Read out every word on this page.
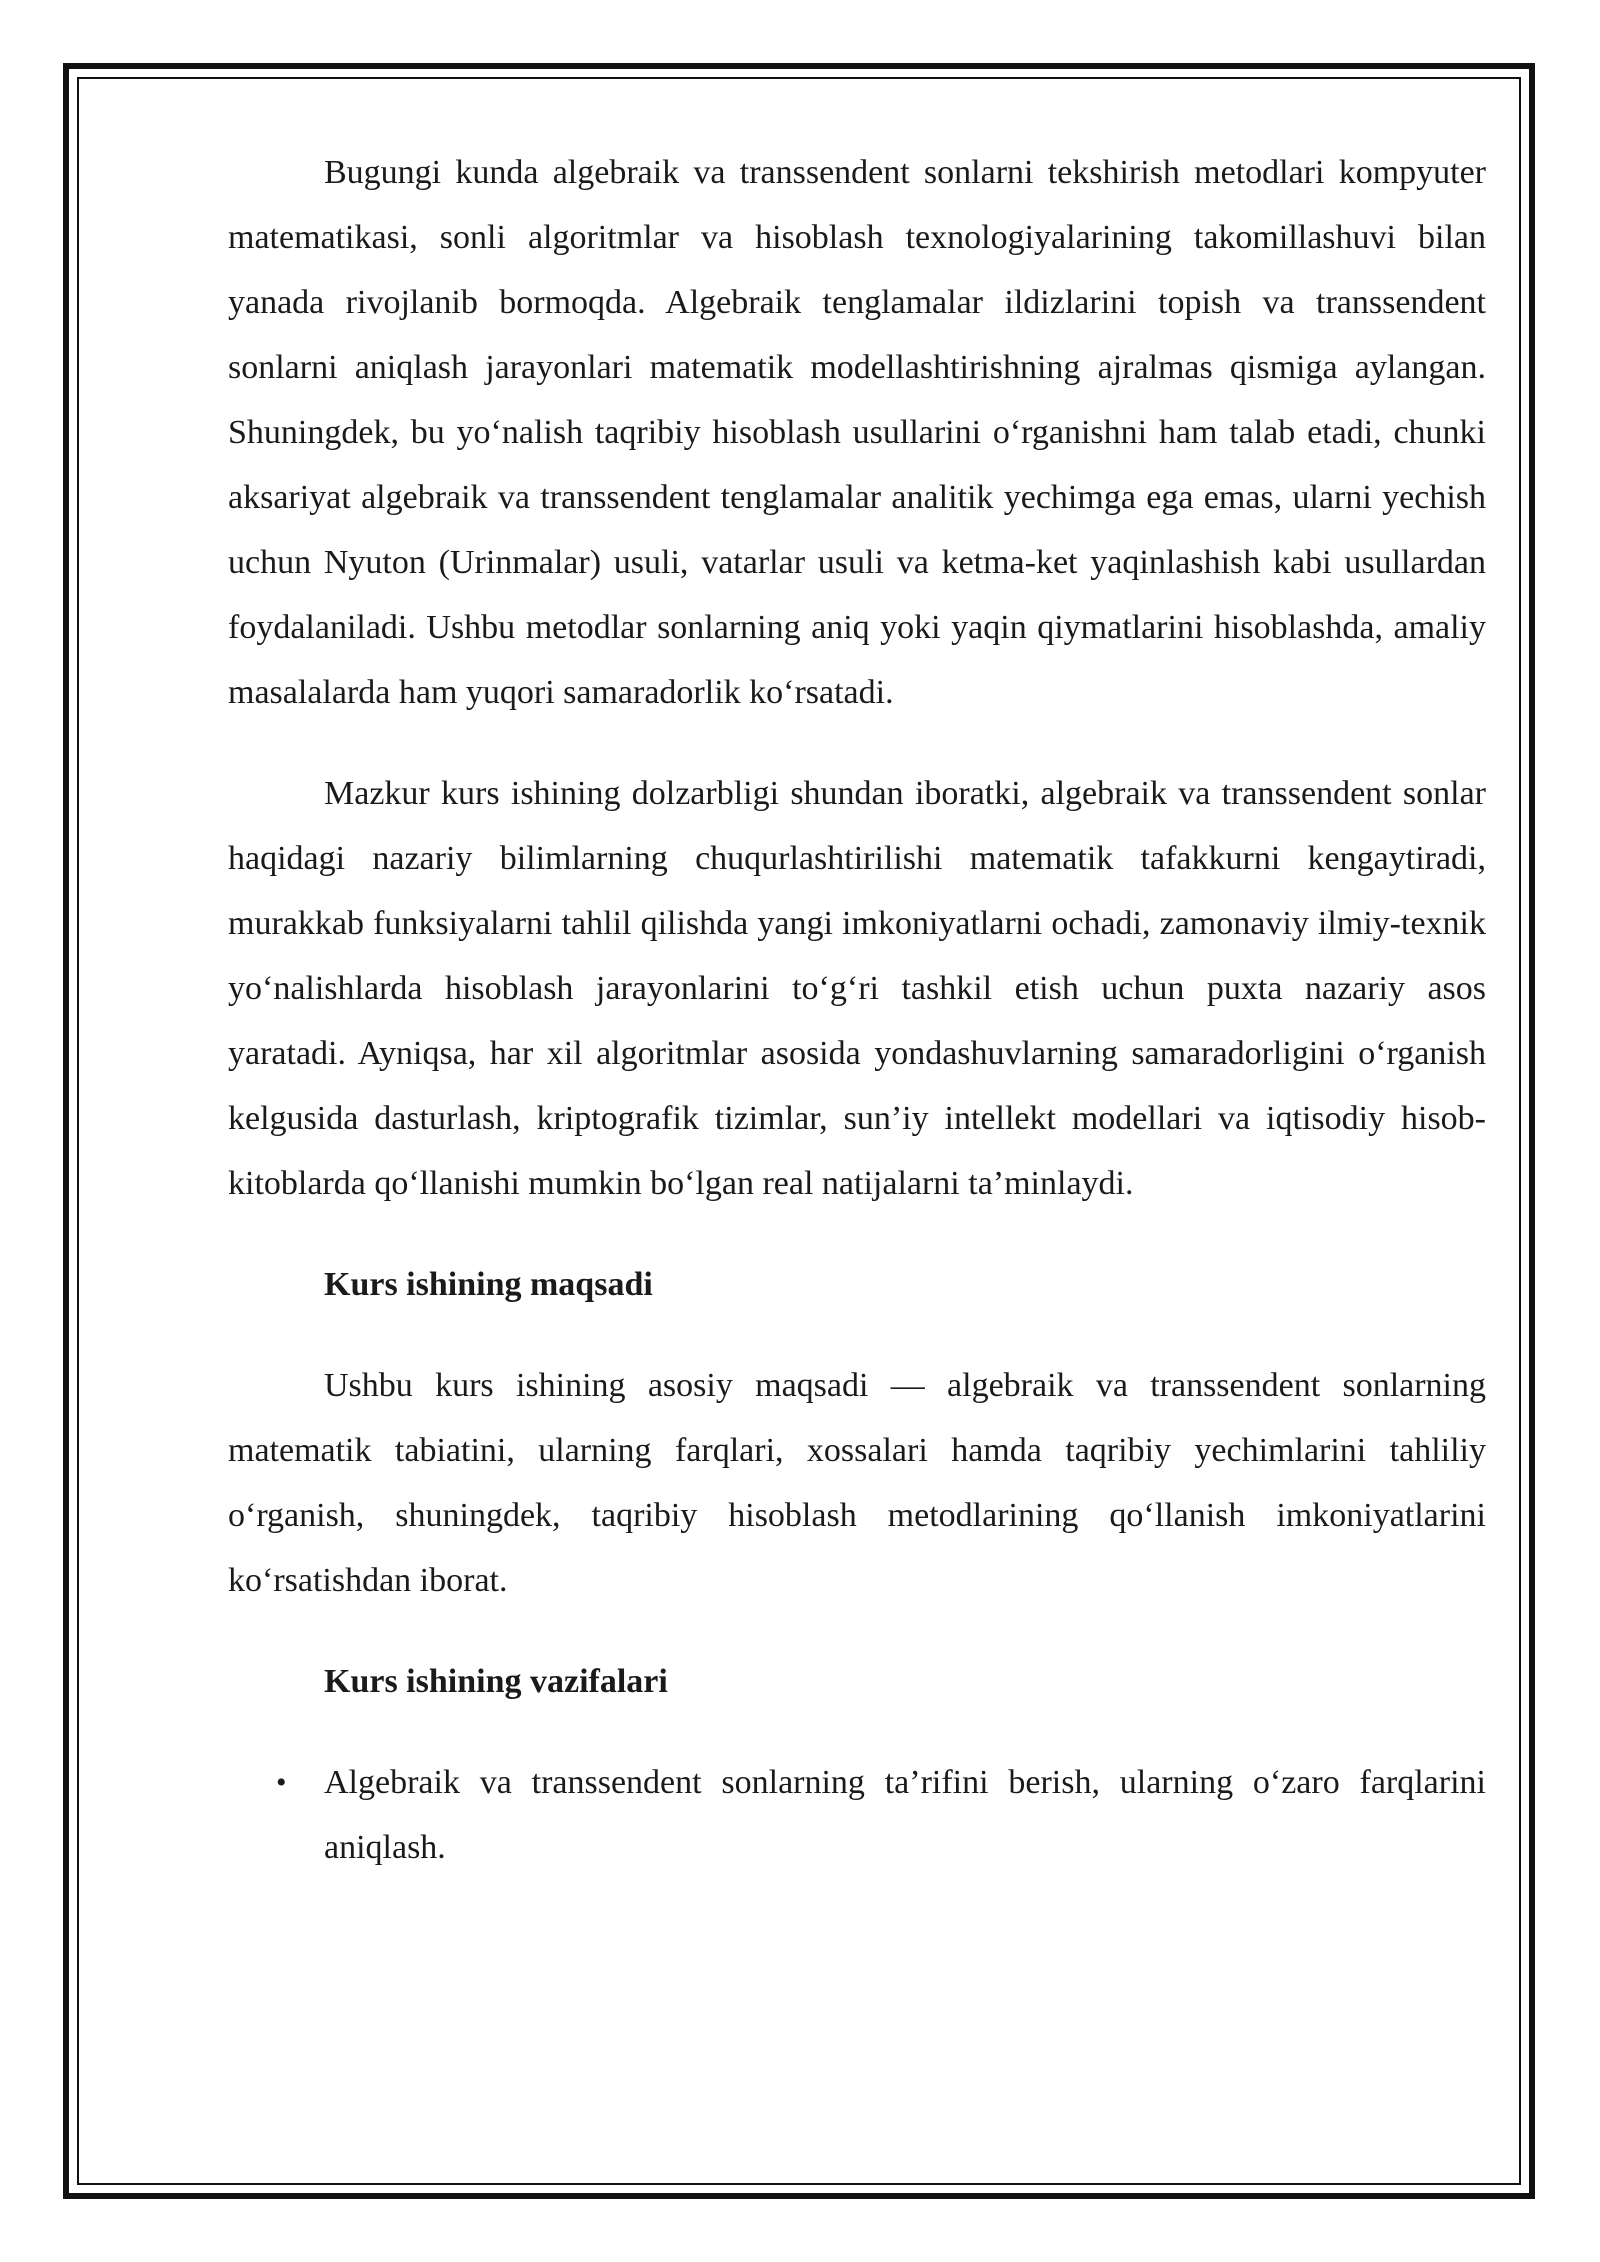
Bugungi kunda algebraik va transsendent sonlarni tekshirish metodlari kompyuter matematikasi, sonli algoritmlar va hisoblash texnologiyalarining takomillashuvi bilan yanada rivojlanib bormoqda. Algebraik tenglamalar ildizlarini topish va transsendent sonlarni aniqlash jarayonlari matematik modellashtirishning ajralmas qismiga aylangan. Shuningdek, bu yo‘nalish taqribiy hisoblash usullarini o‘rganishni ham talab etadi, chunki aksariyat algebraik va transsendent tenglamalar analitik yechimga ega emas, ularni yechish uchun Nyuton (Urinmalar) usuli, vatarlar usuli va ketma-ket yaqinlashish kabi usullardan foydalaniladi. Ushbu metodlar sonlarning aniq yoki yaqin qiymatlarini hisoblashda, amaliy masalalarda ham yuqori samaradorlik ko‘rsatadi.

Mazkur kurs ishining dolzarbligi shundan iboratki, algebraik va transsendent sonlar haqidagi nazariy bilimlarning chuqurlashtirilishi matematik tafakkurni kengaytiradi, murakkab funksiyalarni tahlil qilishda yangi imkoniyatlarni ochadi, zamonaviy ilmiy-texnik yo‘nalishlarda hisoblash jarayonlarini to‘g‘ri tashkil etish uchun puxta nazariy asos yaratadi. Ayniqsa, har xil algoritmlar asosida yondashuvlarning samaradorligini o‘rganish kelgusida dasturlash, kriptografik tizimlar, sun’iy intellekt modellari va iqtisodiy hisob-kitoblarda qo‘llanishi mumkin bo‘lgan real natijalarni ta’minlaydi.

Kurs ishining maqsadi

Ushbu kurs ishining asosiy maqsadi — algebraik va transsendent sonlarning matematik tabiatini, ularning farqlari, xossalari hamda taqribiy yechimlarini tahliliy o‘rganish, shuningdek, taqribiy hisoblash metodlarining qo‘llanish imkoniyatlarini ko‘rsatishdan iborat.

Kurs ishining vazifalari
• Algebraik va transsendent sonlarning ta’rifini berish, ularning o‘zaro farqlarini aniqlash.
